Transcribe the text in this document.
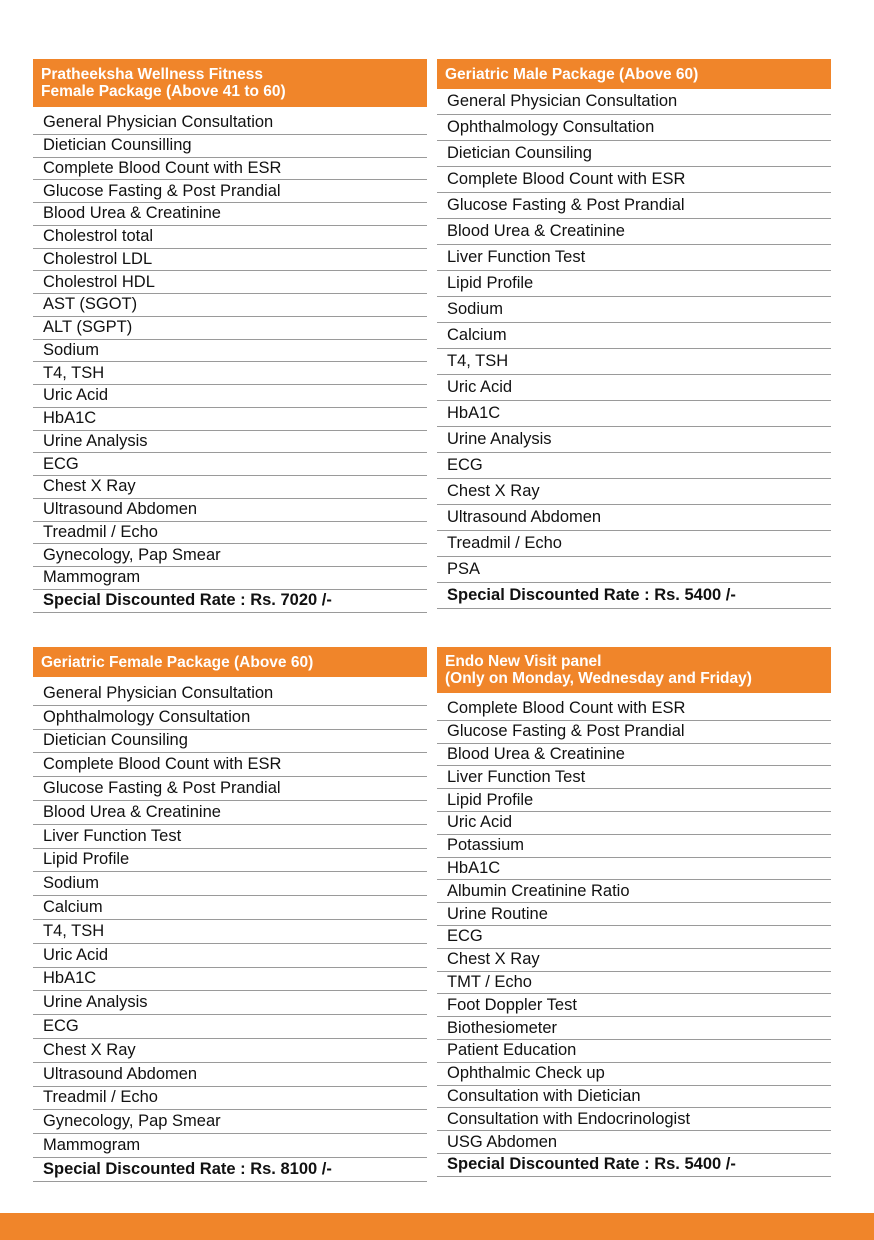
Pratheeksha Wellness Fitness
Female Package (Above 41 to 60)
General Physician Consultation
Dietician Counsilling
Complete Blood Count with ESR
Glucose Fasting & Post Prandial
Blood Urea & Creatinine
Cholestrol total
Cholestrol LDL
Cholestrol HDL
AST (SGOT)
ALT (SGPT)
Sodium
T4, TSH
Uric Acid
HbA1C
Urine Analysis
ECG
Chest X Ray
Ultrasound Abdomen
Treadmil / Echo
Gynecology, Pap Smear
Mammogram
Special Discounted Rate : Rs. 7020 /-
Geriatric Male Package (Above 60)
General Physician Consultation
Ophthalmology Consultation
Dietician Counsiling
Complete Blood Count with ESR
Glucose Fasting & Post Prandial
Blood Urea & Creatinine
Liver Function Test
Lipid Profile
Sodium
Calcium
T4, TSH
Uric Acid
HbA1C
Urine Analysis
ECG
Chest X Ray
Ultrasound Abdomen
Treadmil / Echo
PSA
Special Discounted Rate : Rs. 5400 /-
Geriatric Female Package (Above 60)
General Physician Consultation
Ophthalmology Consultation
Dietician Counsiling
Complete Blood Count with ESR
Glucose Fasting & Post Prandial
Blood Urea & Creatinine
Liver Function Test
Lipid Profile
Sodium
Calcium
T4, TSH
Uric Acid
HbA1C
Urine Analysis
ECG
Chest X Ray
Ultrasound Abdomen
Treadmil / Echo
Gynecology, Pap Smear
Mammogram
Special Discounted Rate : Rs. 8100 /-
Endo New Visit panel
(Only on Monday, Wednesday and Friday)
Complete Blood Count with ESR
Glucose Fasting & Post Prandial
Blood Urea & Creatinine
Liver Function Test
Lipid Profile
Uric Acid
Potassium
HbA1C
Albumin Creatinine Ratio
Urine Routine
ECG
Chest X Ray
TMT / Echo
Foot Doppler Test
Biothesiometer
Patient Education
Ophthalmic Check up
Consultation with Dietician
Consultation with Endocrinologist
USG Abdomen
Special Discounted Rate : Rs. 5400 /-
